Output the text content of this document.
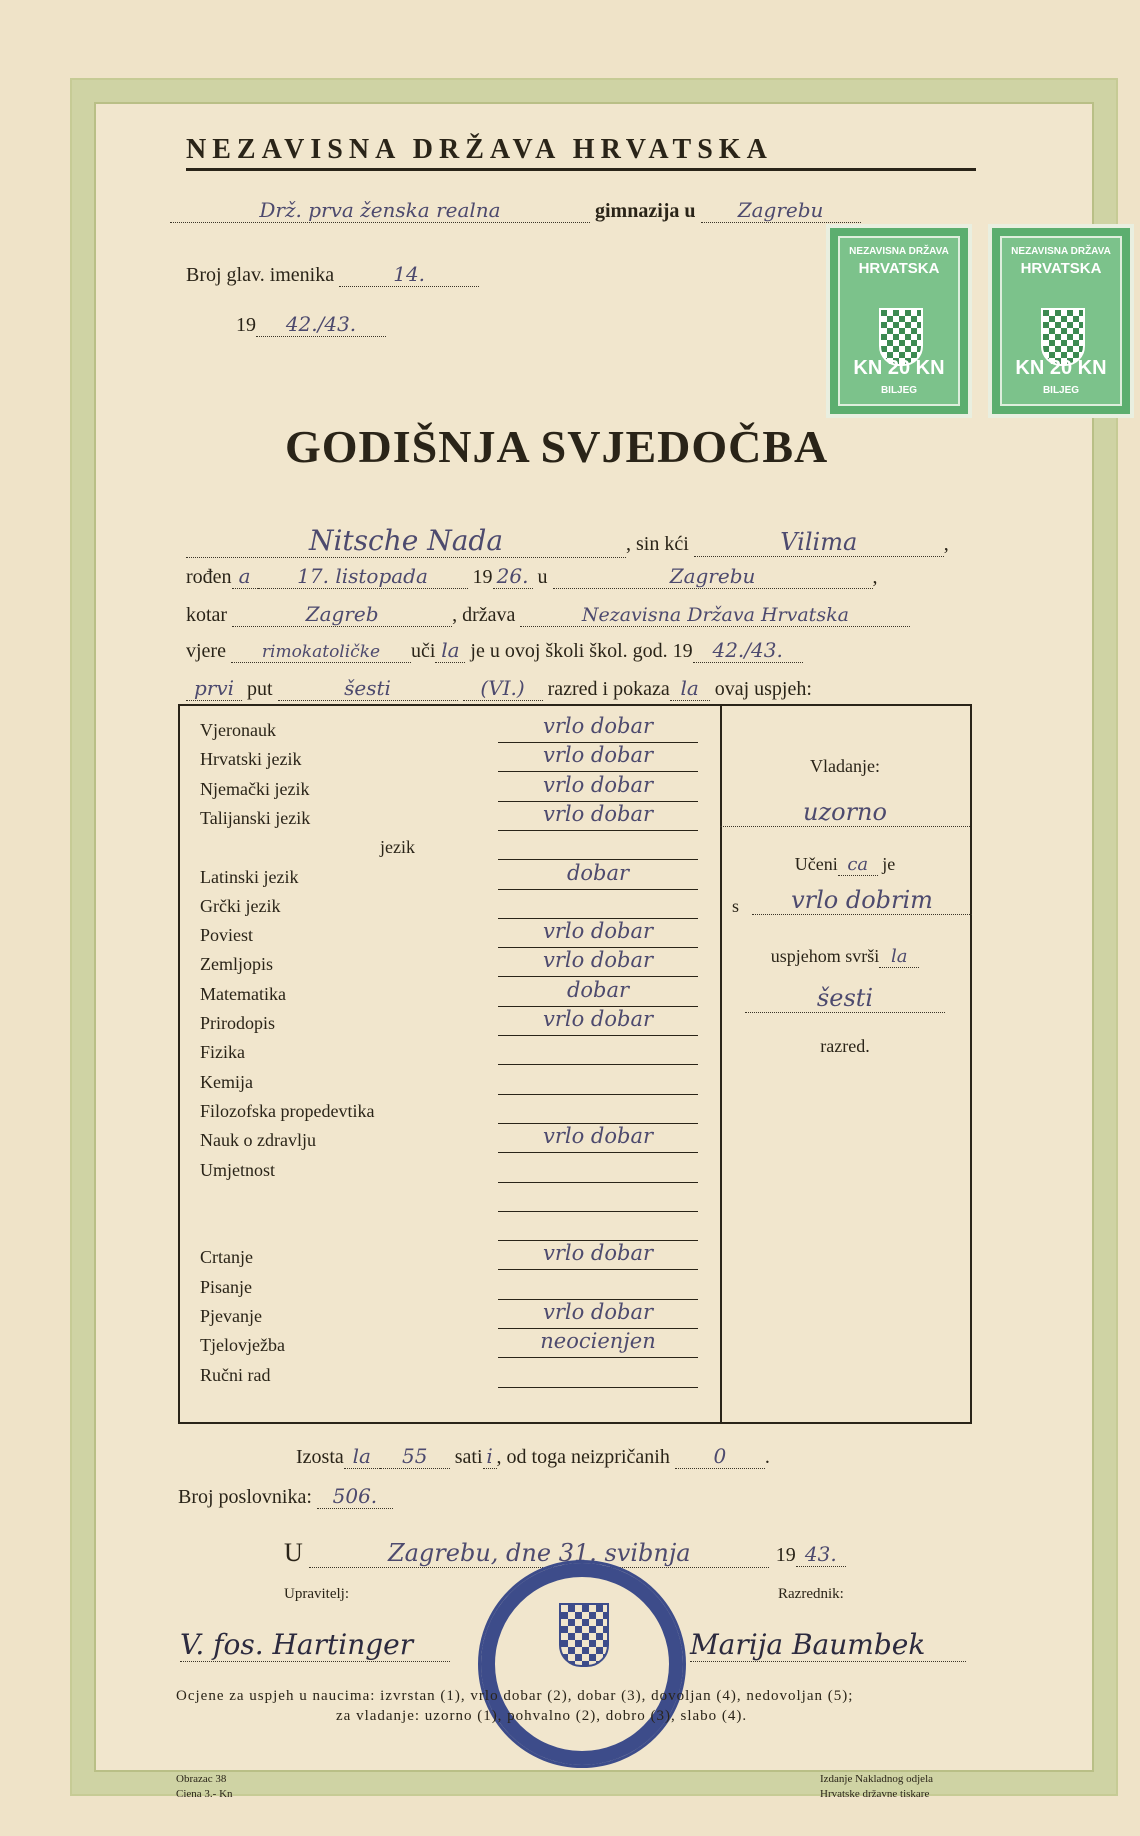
NEZAVISNA DRŽAVA HRVATSKA
Drž. prva ženska realna	gimnazija u Zagrebu
Broj glav. imenika	14.
19 42./43.
NEZAVISNA DRŽAVA
HRVATSKA
KN 20 KN
BILJEG
NEZAVISNA DRŽAVA
HRVATSKA
KN 20 KN
BILJEG
GODIŠNJA SVJEDOČBA
Nitsche Nada	, sin kći	Vilima	,
rođen a 17. listopada 19 26. u	Zagrebu	,
kotar	Zagreb	, država	Nezavisna Država Hrvatska
vjere rimokatoličke uči la je u ovoj školi škol. god. 19 42./43.
prvi put	šesti	(VI.) razred i pokaza la ovaj uspjeh:
Vjeronauk	vrlo dobar
Hrvatski jezik	vrlo dobar
Njemački jezik	vrlo dobar
Talijanski jezik	vrlo dobar
jezik
Latinski jezik	dobar
Grčki jezik
Poviest	vrlo dobar
Zemljopis	vrlo dobar
Matematika	dobar
Prirodopis	vrlo dobar
Fizika
Kemija
Filozofska propedevtika
Nauk o zdravlju	vrlo dobar
Umjetnost
Crtanje	vrlo dobar
Pisanje
Pjevanje	vrlo dobar
Tjelovježba	neocienjen
Ručni rad
Vladanje:
uzorno
Učeni ca je
s	vrlo dobrim
uspjehom svrši la
šesti
razred.
Izosta la 55 sati i , od toga neizpričanih 0 .
Broj poslovnika: 506.
U	Zagrebu, dne 31. svibnja	19 43.
Upravitelj:	Razrednik:
V. fos. Hartinger	Marija Baumbek
Ocjene za uspjeh u naucima: izvrstan (1), vrlo dobar (2), dobar (3), dovoljan (4), nedovoljan (5);
za vladanje: uzorno (1), pohvalno (2), dobro (3), slabo (4).
Obrazac 38
Ciena 3.- Kn
Izdanje Nakladnog odjela
Hrvatske državne tiskare
